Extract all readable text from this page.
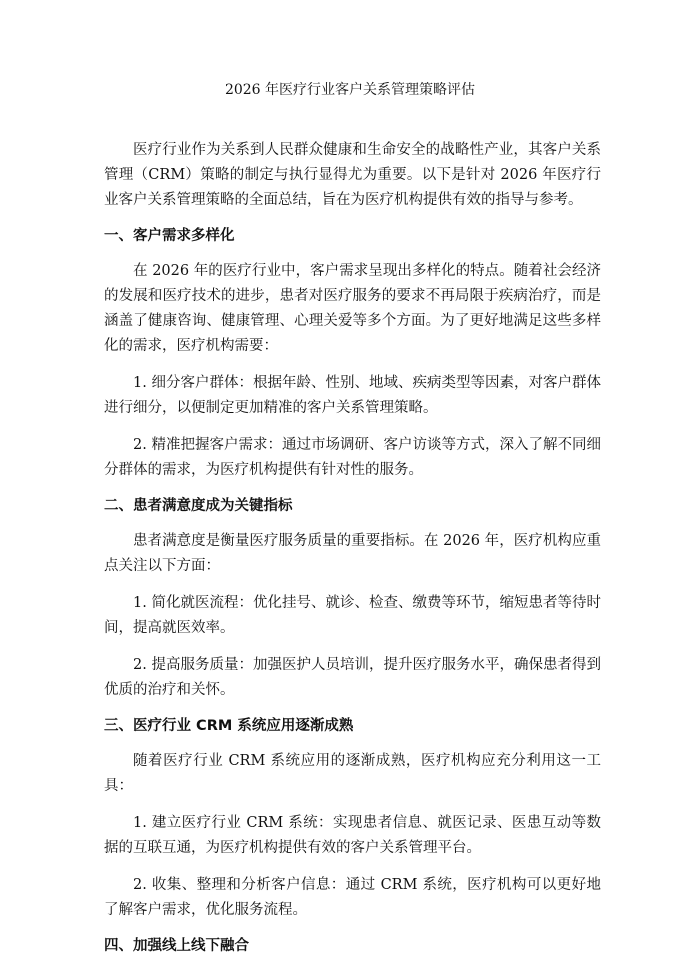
2026 年医疗行业客户关系管理策略评估

医疗行业作为关系到人民群众健康和生命安全的战略性产业，其客户关系管理（CRM）策略的制定与执行显得尤为重要。以下是针对 2026 年医疗行业客户关系管理策略的全面总结，旨在为医疗机构提供有效的指导与参考。

一、客户需求多样化

在 2026 年的医疗行业中，客户需求呈现出多样化的特点。随着社会经济的发展和医疗技术的进步，患者对医疗服务的要求不再局限于疾病治疗，而是涵盖了健康咨询、健康管理、心理关爱等多个方面。为了更好地满足这些多样化的需求，医疗机构需要：

1. 细分客户群体：根据年龄、性别、地域、疾病类型等因素，对客户群体进行细分，以便制定更加精准的客户关系管理策略。

2. 精准把握客户需求：通过市场调研、客户访谈等方式，深入了解不同细分群体的需求，为医疗机构提供有针对性的服务。

二、患者满意度成为关键指标

患者满意度是衡量医疗服务质量的重要指标。在 2026 年，医疗机构应重点关注以下方面：

1. 简化就医流程：优化挂号、就诊、检查、缴费等环节，缩短患者等待时间，提高就医效率。

2. 提高服务质量：加强医护人员培训，提升医疗服务水平，确保患者得到优质的治疗和关怀。

三、医疗行业 CRM 系统应用逐渐成熟

随着医疗行业 CRM 系统应用的逐渐成熟，医疗机构应充分利用这一工具：

1. 建立医疗行业 CRM 系统：实现患者信息、就医记录、医患互动等数据的互联互通，为医疗机构提供有效的客户关系管理平台。

2. 收集、整理和分析客户信息：通过 CRM 系统，医疗机构可以更好地了解客户需求，优化服务流程。

四、加强线上线下融合
